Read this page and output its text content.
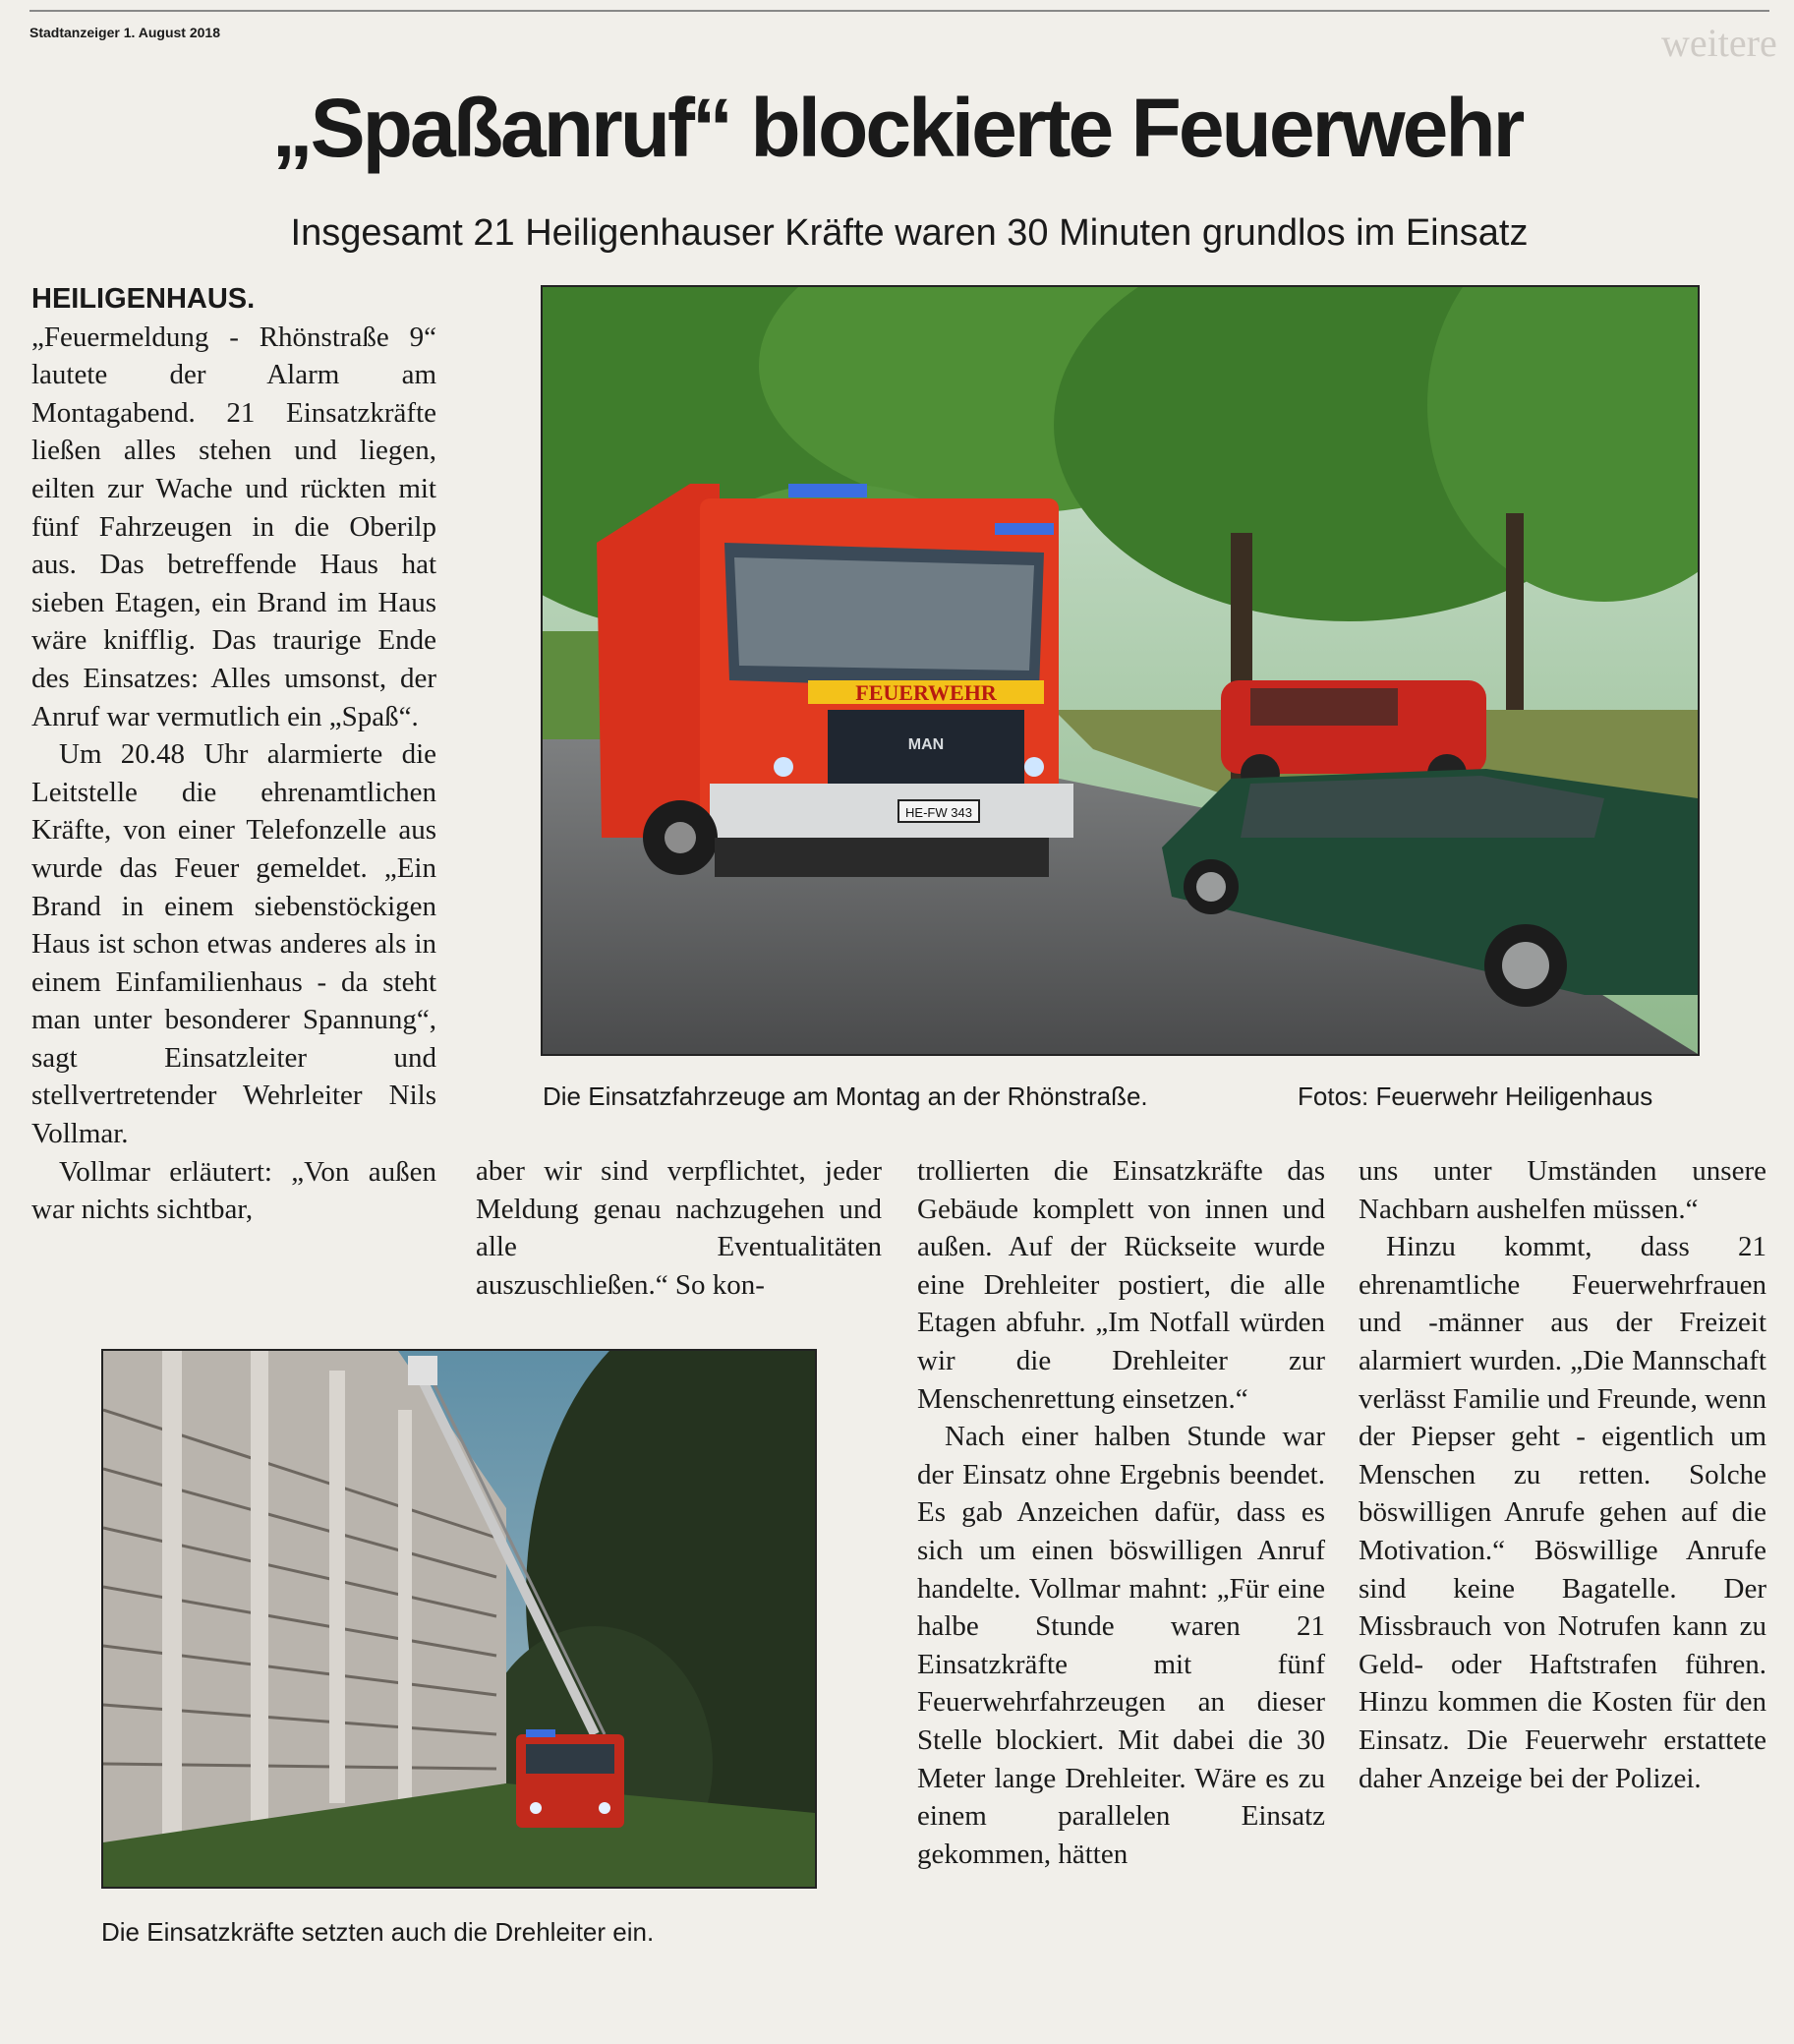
weitere
Stadtanzeiger 1. August 2018
„Spaßanruf“ blockierte Feuerwehr
Insgesamt 21 Heiligenhauser Kräfte waren 30 Minuten grundlos im Einsatz

HEILIGENHAUS. „Feuermeldung - Rhönstraße 9“ lautete der Alarm am Montagabend. 21 Einsatzkräfte ließen alles stehen und liegen, eilten zur Wache und rückten mit fünf Fahrzeugen in die Oberilp aus. Das betreffende Haus hat sieben Etagen, ein Brand im Haus wäre knifflig. Das traurige Ende des Einsatzes: Alles umsonst, der Anruf war vermutlich ein „Spaß“.

Um 20.48 Uhr alarmierte die Leitstelle die ehrenamtlichen Kräfte, von einer Telefonzelle aus wurde das Feuer gemeldet. „Ein Brand in einem siebenstöckigen Haus ist schon etwas anderes als in einem Einfamilienhaus - da steht man unter besonderer Spannung“, sagt Einsatzleiter und stellvertretender Wehrleiter Nils Vollmar.

Vollmar erläutert: „Von außen war nichts sichtbar,

FEUERWEHR
MAN
HE-FW 343
Die Einsatzfahrzeuge am Montag an der Rhönstraße.	Fotos: Feuerwehr Heiligenhaus

aber wir sind verpflichtet, jeder Meldung genau nachzugehen und alle Eventualitäten auszuschließen.“ So kon-

trollierten die Einsatzkräfte das Gebäude komplett von innen und außen. Auf der Rückseite wurde eine Drehleiter postiert, die alle Etagen abfuhr. „Im Notfall würden wir die Drehleiter zur Menschenrettung einsetzen.“

Nach einer halben Stunde war der Einsatz ohne Ergebnis beendet. Es gab Anzeichen dafür, dass es sich um einen böswilligen Anruf handelte. Vollmar mahnt: „Für eine halbe Stunde waren 21 Einsatzkräfte mit fünf Feuerwehrfahrzeugen an dieser Stelle blockiert. Mit dabei die 30 Meter lange Drehleiter. Wäre es zu einem parallelen Einsatz gekommen, hätten

uns unter Umständen unsere Nachbarn aushelfen müssen.“

Hinzu kommt, dass 21 ehrenamtliche Feuerwehrfrauen und -männer aus der Freizeit alarmiert wurden. „Die Mannschaft verlässt Familie und Freunde, wenn der Piepser geht - eigentlich um Menschen zu retten. Solche böswilligen Anrufe gehen auf die Motivation.“ Böswillige Anrufe sind keine Bagatelle. Der Missbrauch von Notrufen kann zu Geld- oder Haftstrafen führen. Hinzu kommen die Kosten für den Einsatz. Die Feuerwehr erstattete daher Anzeige bei der Polizei.

Die Einsatzkräfte setzten auch die Drehleiter ein.
